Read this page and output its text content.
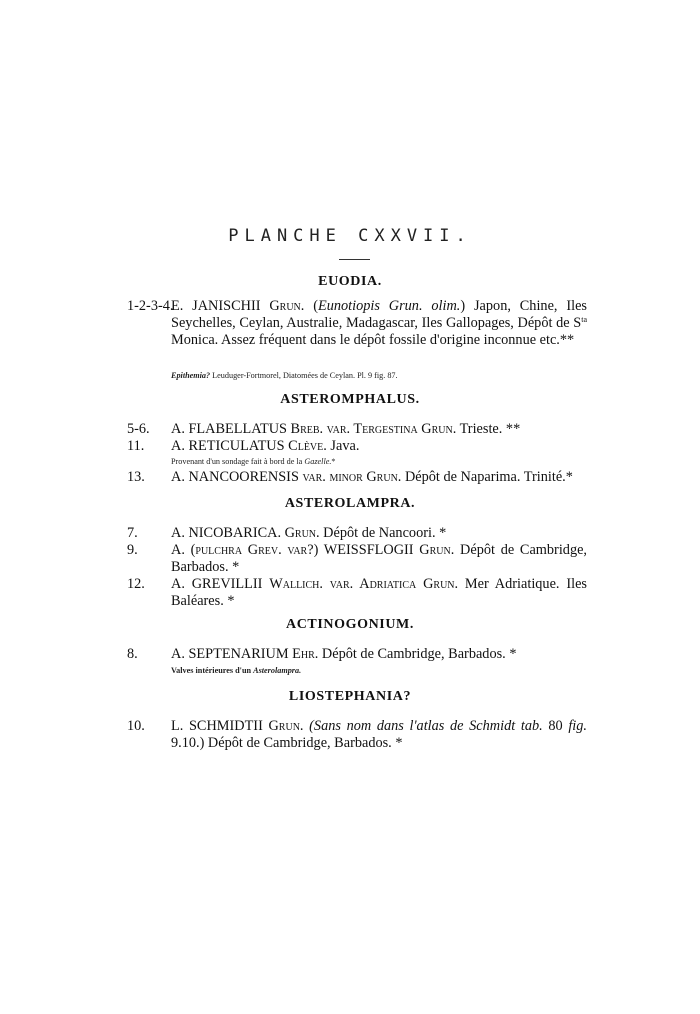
PLANCHE CXXVII.
EUODIA.
1-2-3-4.
E. JANISCHII Grun. (Eunotiopis Grun. olim.) Japon, Chine, Iles Seychelles, Ceylan, Australie, Madagascar, Iles Gallopages, Dépôt de $S^{ta}$ Monica. Assez fréquent dans le dépôt fossile d'origine inconnue etc.**
Epithemia? Leuduger-Fortmorel, Diatomées de Ceylan. Pl. 9 fig. 87.
ASTEROMPHALUS.
5-6. A. FLABELLATUS Breb. var. Tergestina Grun. Trieste. **
11. A. RETICULATUS Clève. Java.
Provenant d'un sondage fait à bord de la Gazelle.*
13. A. NANCOORENSIS var. minor Grun. Dépôt de Naparima. Trinité.*
ASTEROLAMPRA.
7. A. NICOBARICA. Grun. Dépôt de Nancoori. *
9. A. (pulchra Grev. var?) WEISSFLOGII Grun. Dépôt de Cambridge, Barbados. *
12. A. GREVILLII Wallich. var. Adriatica Grun. Mer Adriatique. Iles Baléares. *
ACTINOGONIUM.
8. A. SEPTENARIUM Ehr. Dépôt de Cambridge, Barbados. *
Valves intérieures d'un Asterolampra.
LIOSTEPHANIA?
10. L. SCHMIDTII Grun. (Sans nom dans l'atlas de Schmidt tab. 80 fig. 9.10.) Dépôt de Cambridge, Barbados. *
